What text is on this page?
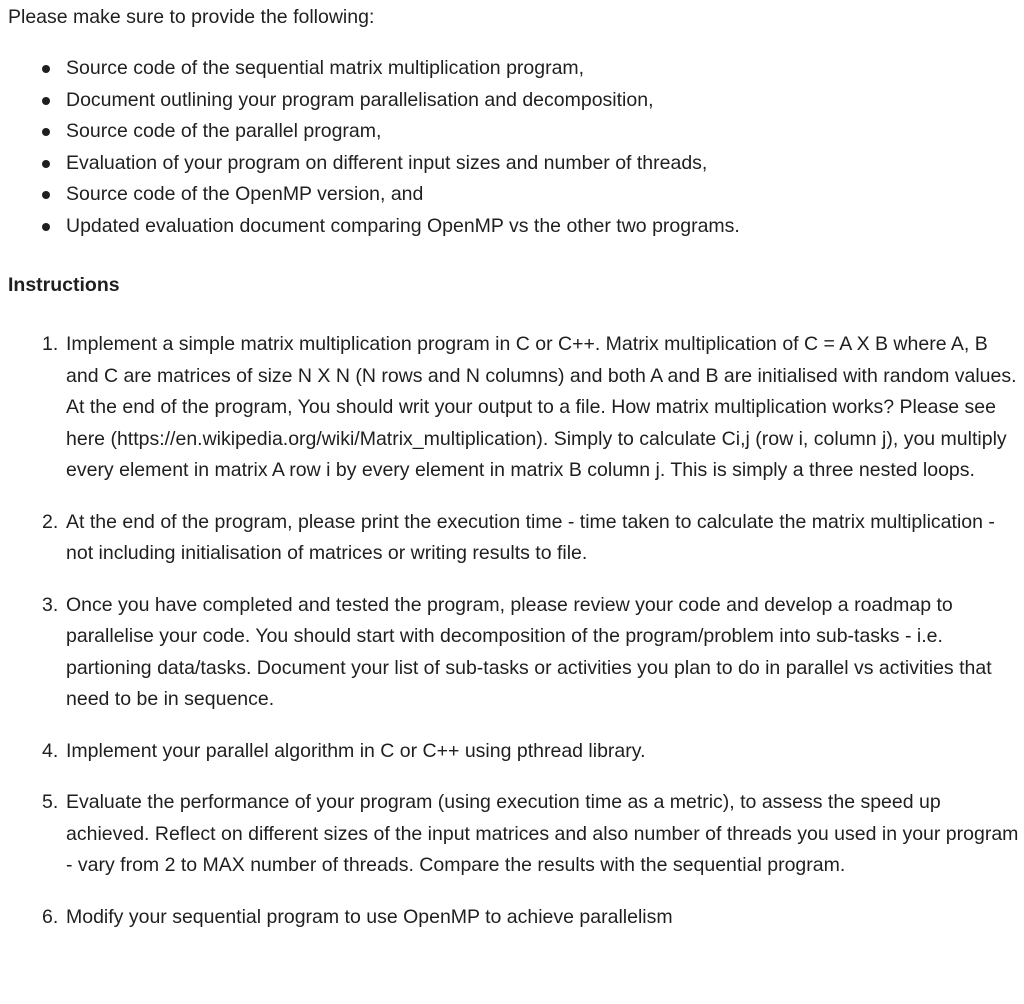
Please make sure to provide the following:

Source code of the sequential matrix multiplication program,
Document outlining your program parallelisation and decomposition,
Source code of the parallel program,
Evaluation of your program on different input sizes and number of threads,
Source code of the OpenMP version, and
Updated evaluation document comparing OpenMP vs the other two programs.

Instructions

1. Implement a simple matrix multiplication program in C or C++. Matrix multiplication of C = A X B where A, B and C are matrices of size N X N (N rows and N columns) and both A and B are initialised with random values. At the end of the program, You should writ your output to a file. How matrix multiplication works? Please see here (https://en.wikipedia.org/wiki/Matrix_multiplication). Simply to calculate Ci,j (row i, column j), you multiply every element in matrix A row i by every element in matrix B column j. This is simply a three nested loops.
2. At the end of the program, please print the execution time - time taken to calculate the matrix multiplication - not including initialisation of matrices or writing results to file.
3. Once you have completed and tested the program, please review your code and develop a roadmap to parallelise your code. You should start with decomposition of the program/problem into sub-tasks - i.e. partioning data/tasks. Document your list of sub-tasks or activities you plan to do in parallel vs activities that need to be in sequence.
4. Implement your parallel algorithm in C or C++ using pthread library.
5. Evaluate the performance of your program (using execution time as a metric), to assess the speed up achieved. Reflect on different sizes of the input matrices and also number of threads you used in your program - vary from 2 to MAX number of threads. Compare the results with the sequential program.
6. Modify your sequential program to use OpenMP to achieve parallelism
